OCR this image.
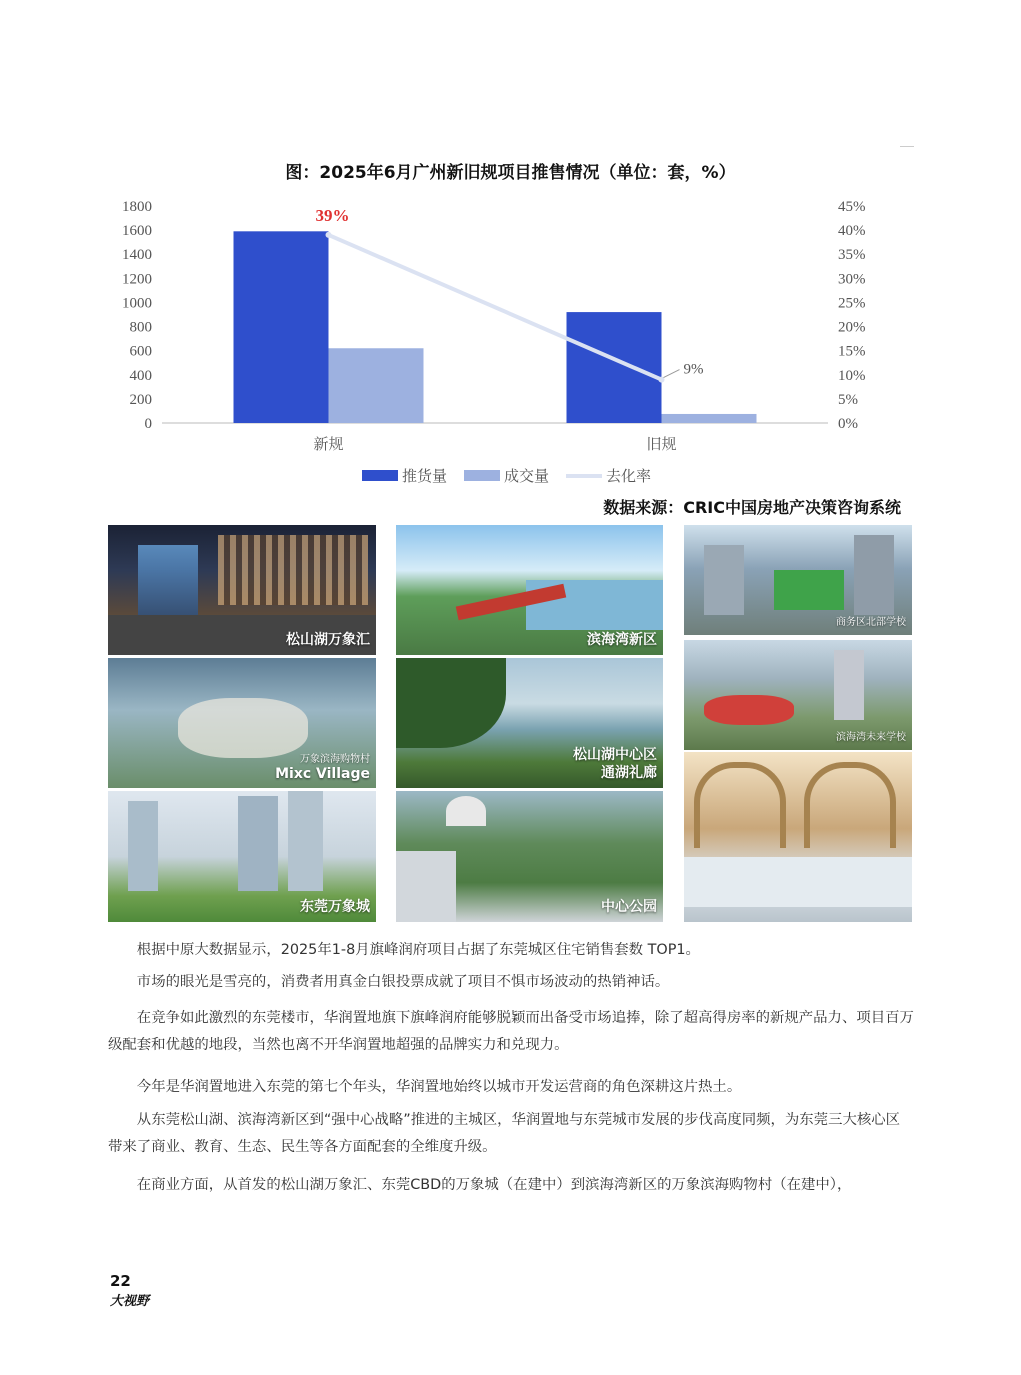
图：2025年6月广州新旧规项目推售情况（单位：套，%）
1800
1600
1400
1200
1000
800
600
400
200
0
45%
40%
35%
30%
25%
20%
15%
10%
5%
0%
新规	旧规
39%
9%
推货量	成交量	去化率
数据来源：CRIC中国房地产决策咨询系统
松山湖万象汇	滨海湾新区
商务区北部学校
万象滨海购物村
Mixc Village
松山湖中心区
通湖礼廊
滨海湾未来学校
东莞万象城	中心公园

根据中原大数据显示，2025年1-8月旗峰润府项目占据了东莞城区住宅销售套数 TOP1。

市场的眼光是雪亮的，消费者用真金白银投票成就了项目不惧市场波动的热销神话。

在竞争如此激烈的东莞楼市，华润置地旗下旗峰润府能够脱颖而出备受市场追捧，除了超高得房率的新规产品力、项目百万级配套和优越的地段，当然也离不开华润置地超强的品牌实力和兑现力。

今年是华润置地进入东莞的第七个年头，华润置地始终以城市开发运营商的角色深耕这片热土。

从东莞松山湖、滨海湾新区到“强中心战略”推进的主城区，华润置地与东莞城市发展的步伐高度同频，为东莞三大核心区带来了商业、教育、生态、民生等各方面配套的全维度升级。

在商业方面，从首发的松山湖万象汇、东莞CBD的万象城（在建中）到滨海湾新区的万象滨海购物村（在建中），

22
大视野
